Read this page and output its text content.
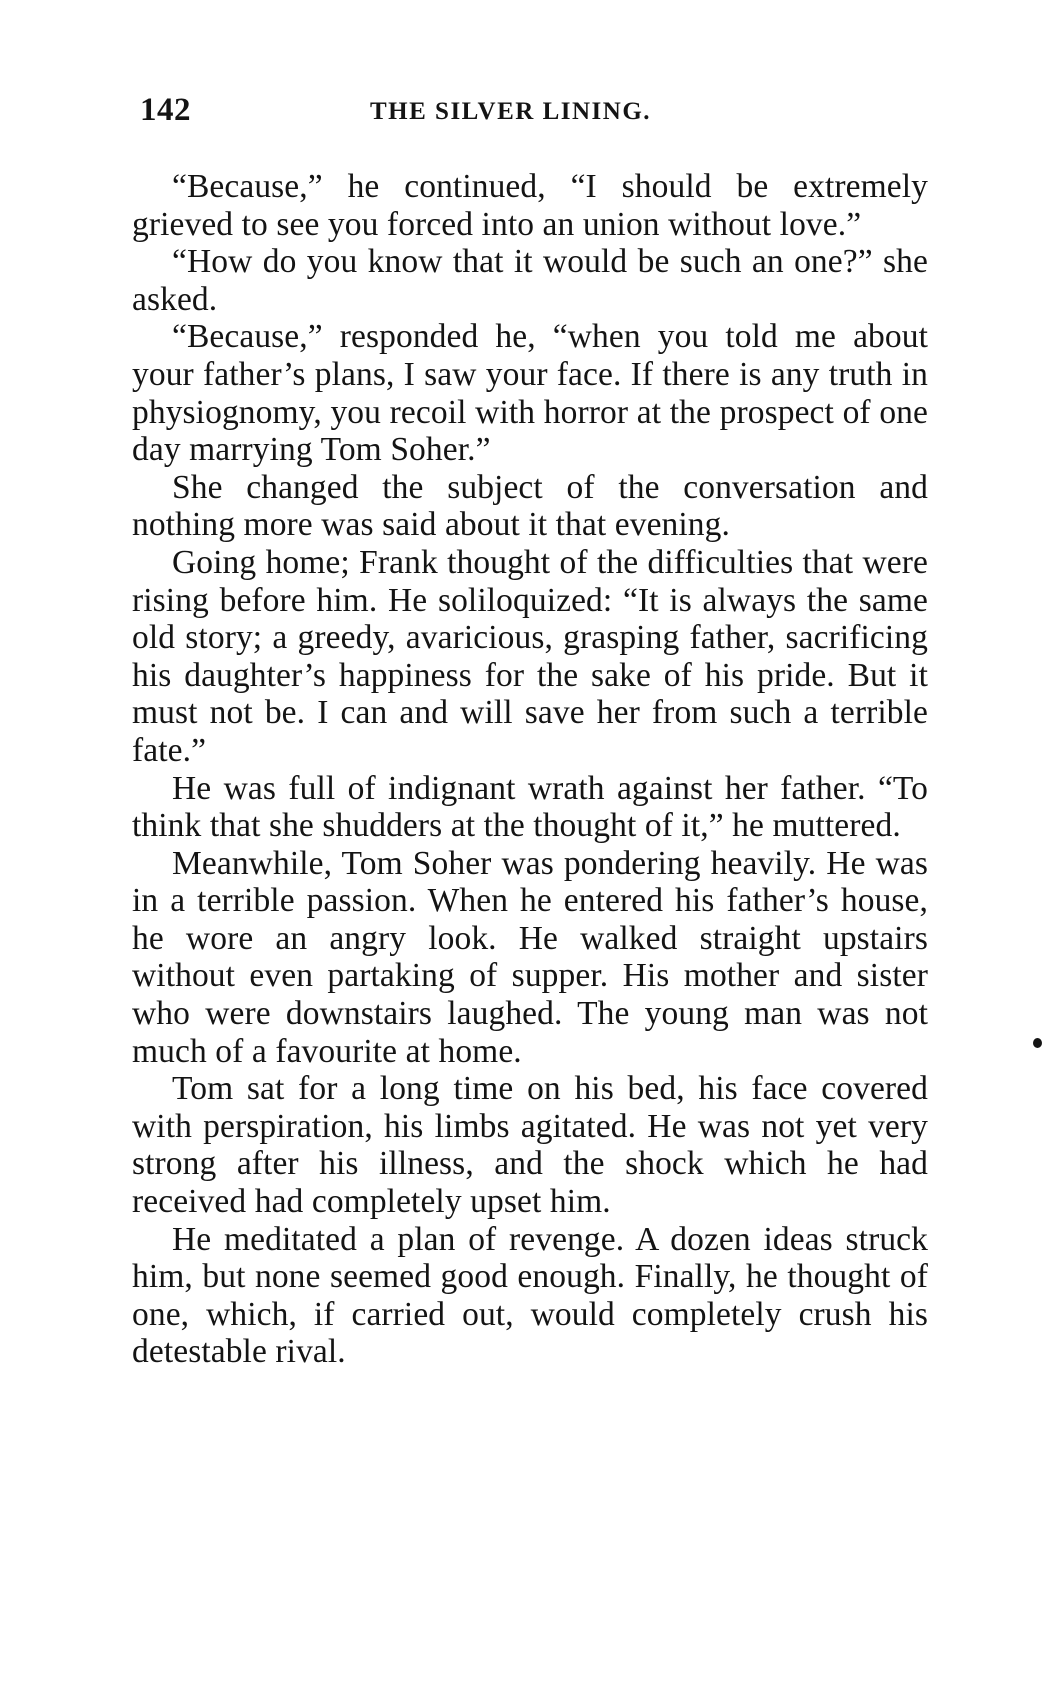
142	THE SILVER LINING.

“Because,” he continued, “I should be extremely grieved to see you forced into an union without love.”

“How do you know that it would be such an one?” she asked.

“Because,” responded he, “when you told me about your father’s plans, I saw your face. If there is any truth in physiognomy, you recoil with horror at the prospect of one day marrying Tom Soher.”

She changed the subject of the conversation and nothing more was said about it that evening.

Going home; Frank thought of the difficulties that were rising before him. He soliloquized: “It is always the same old story; a greedy, avaricious, grasping father, sacrificing his daughter’s happiness for the sake of his pride. But it must not be. I can and will save her from such a terrible fate.”

He was full of indignant wrath against her father. “To think that she shudders at the thought of it,” he muttered.

Meanwhile, Tom Soher was pondering heavily. He was in a terrible passion. When he entered his father’s house, he wore an angry look. He walked straight upstairs without even partaking of supper. His mother and sister who were downstairs laughed. The young man was not much of a favourite at home.

Tom sat for a long time on his bed, his face covered with perspiration, his limbs agitated. He was not yet very strong after his illness, and the shock which he had received had completely upset him.

He meditated a plan of revenge. A dozen ideas struck him, but none seemed good enough. Finally, he thought of one, which, if carried out, would completely crush his detestable rival.
